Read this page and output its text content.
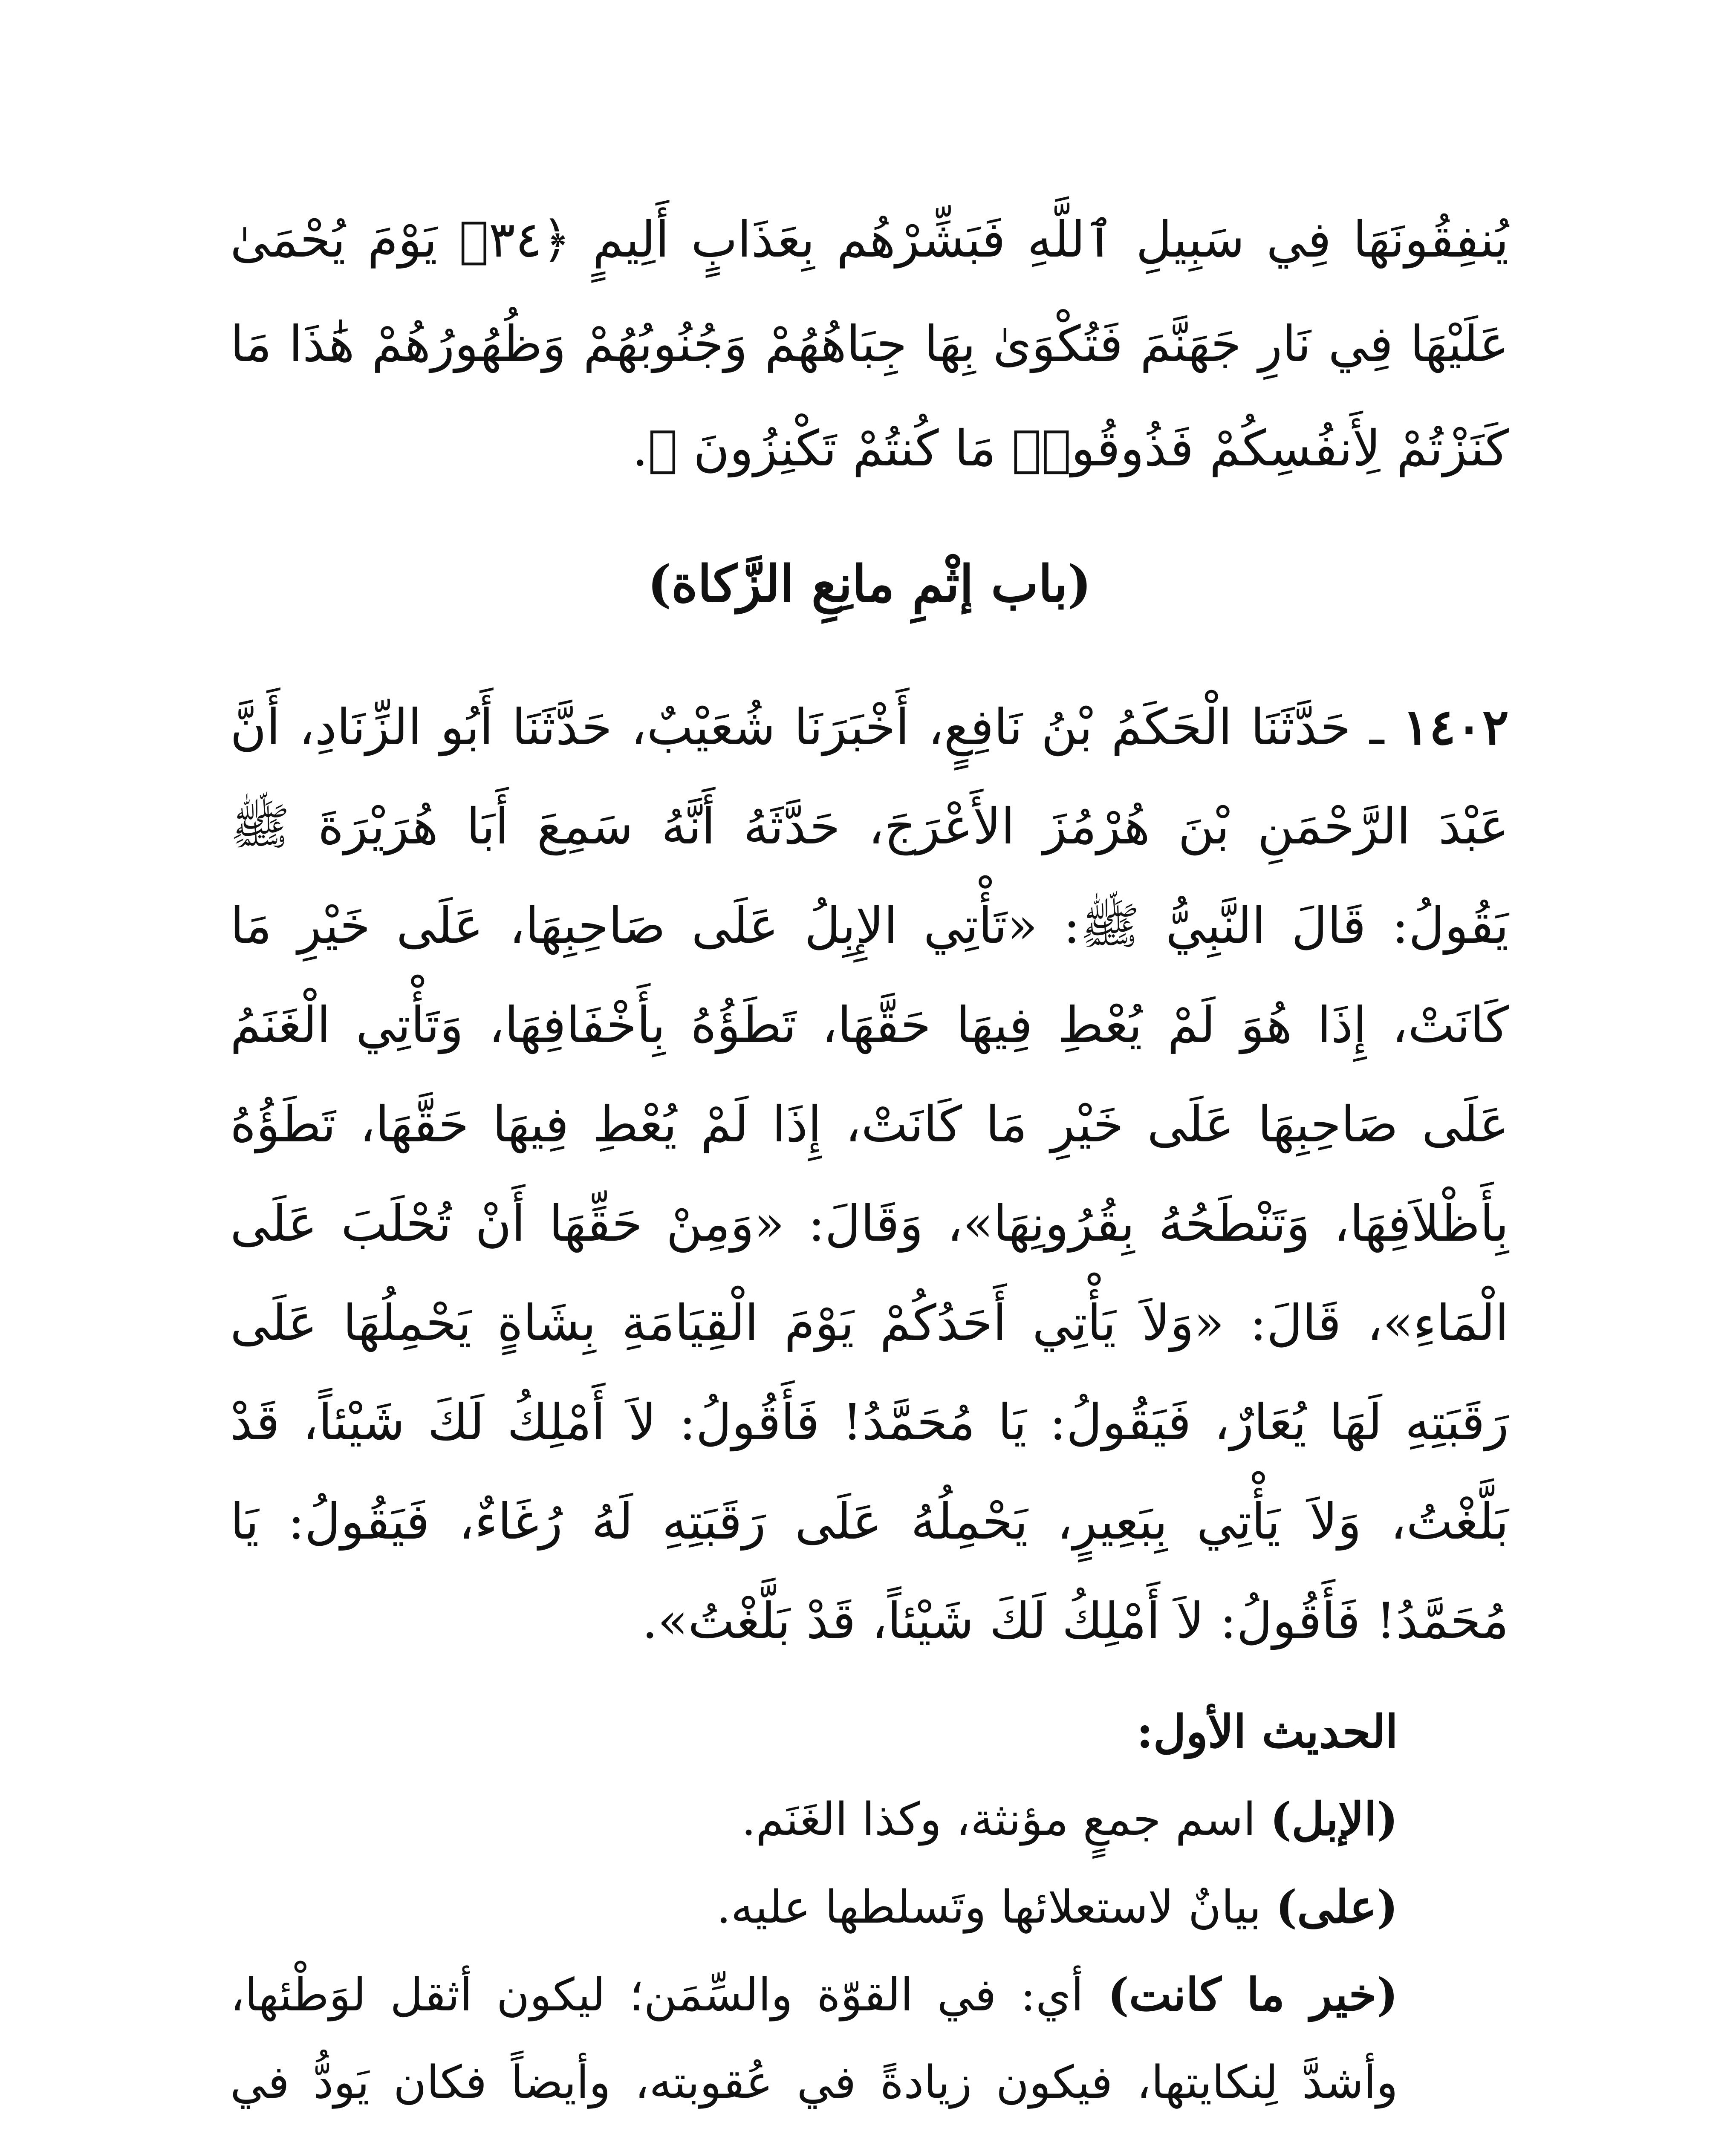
يُنفِقُونَهَا فِي سَبِيلِ ٱللَّهِ فَبَشِّرْهُم بِعَذَابٍ أَلِيمٍ ﴿٣٤﴾ يَوْمَ يُحْمَىٰ عَلَيْهَا فِي نَارِ جَهَنَّمَ فَتُكْوَىٰ بِهَا جِبَاهُهُمْ وَجُنُوبُهُمْ وَظُهُورُهُمْ هَٰذَا مَا كَنَزْتُمْ لِأَنفُسِكُمْ فَذُوقُوا۟ مَا كُنتُمْ تَكْنِزُونَ ﴾.
(باب إثْمِ مانِعِ الزَّكاة)
١٤٠٢ ـ حَدَّثَنَا الْحَكَمُ بْنُ نَافِعٍ، أَخْبَرَنَا شُعَيْبٌ، حَدَّثَنَا أَبُو الزِّنَادِ، أَنَّ عَبْدَ الرَّحْمَنِ بْنَ هُرْمُزَ الأَعْرَجَ، حَدَّثَهُ أَنَّهُ سَمِعَ أَبَا هُرَيْرَةَ ﷺ يَقُولُ: قَالَ النَّبِيُّ ﷺ: «تَأْتِي الإِبِلُ عَلَى صَاحِبِهَا، عَلَى خَيْرِ مَا كَانَتْ، إِذَا هُوَ لَمْ يُعْطِ فِيهَا حَقَّهَا، تَطَؤُهُ بِأَخْفَافِهَا، وَتَأْتِي الْغَنَمُ عَلَى صَاحِبِهَا عَلَى خَيْرِ مَا كَانَتْ، إِذَا لَمْ يُعْطِ فِيهَا حَقَّهَا، تَطَؤُهُ بِأَظْلاَفِهَا، وَتَنْطَحُهُ بِقُرُونِهَا»، وَقَالَ: «وَمِنْ حَقِّهَا أَنْ تُحْلَبَ عَلَى الْمَاءِ»، قَالَ: «وَلاَ يَأْتِي أَحَدُكُمْ يَوْمَ الْقِيَامَةِ بِشَاةٍ يَحْمِلُهَا عَلَى رَقَبَتِهِ لَهَا يُعَارٌ، فَيَقُولُ: يَا مُحَمَّدُ! فَأَقُولُ: لاَ أَمْلِكُ لَكَ شَيْئاً، قَدْ بَلَّغْتُ، وَلاَ يَأْتِي بِبَعِيرٍ، يَحْمِلُهُ عَلَى رَقَبَتِهِ لَهُ رُغَاءٌ، فَيَقُولُ: يَا مُحَمَّدُ! فَأَقُولُ: لاَ أَمْلِكُ لَكَ شَيْئاً، قَدْ بَلَّغْتُ».

الحديث الأول:

(الإبل) اسم جمعٍ مؤنثة، وكذا الغَنَم.

(على) بيانٌ لاستعلائها وتَسلطها عليه.

(خير ما كانت) أي: في القوّة والسِّمَن؛ ليكون أثقل لوَطْئها، وأشدَّ لِنكايتها، فيكون زيادةً في عُقوبته، وأيضاً فكان يَودُّ في
